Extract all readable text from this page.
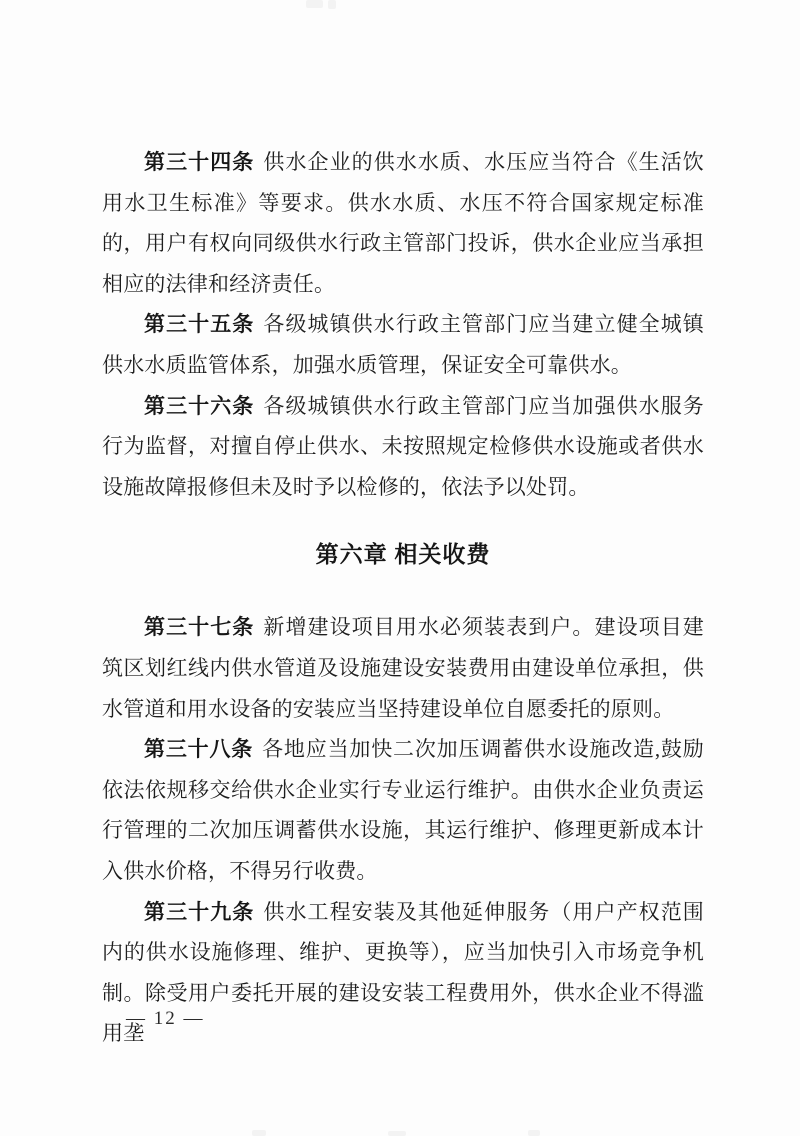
第三十四条 供水企业的供水水质、水压应当符合《生活饮用水卫生标准》等要求。供水水质、水压不符合国家规定标准的，用户有权向同级供水行政主管部门投诉，供水企业应当承担相应的法律和经济责任。

第三十五条 各级城镇供水行政主管部门应当建立健全城镇供水水质监管体系，加强水质管理，保证安全可靠供水。

第三十六条 各级城镇供水行政主管部门应当加强供水服务行为监督，对擅自停止供水、未按照规定检修供水设施或者供水设施故障报修但未及时予以检修的，依法予以处罚。

第六章 相关收费

第三十七条 新增建设项目用水必须装表到户。建设项目建筑区划红线内供水管道及设施建设安装费用由建设单位承担，供水管道和用水设备的安装应当坚持建设单位自愿委托的原则。

第三十八条 各地应当加快二次加压调蓄供水设施改造,鼓励依法依规移交给供水企业实行专业运行维护。由供水企业负责运行管理的二次加压调蓄供水设施，其运行维护、修理更新成本计入供水价格，不得另行收费。

第三十九条 供水工程安装及其他延伸服务（用户产权范围内的供水设施修理、维护、更换等），应当加快引入市场竞争机制。除受用户委托开展的建设安装工程费用外，供水企业不得滥用垄

— 12 —
